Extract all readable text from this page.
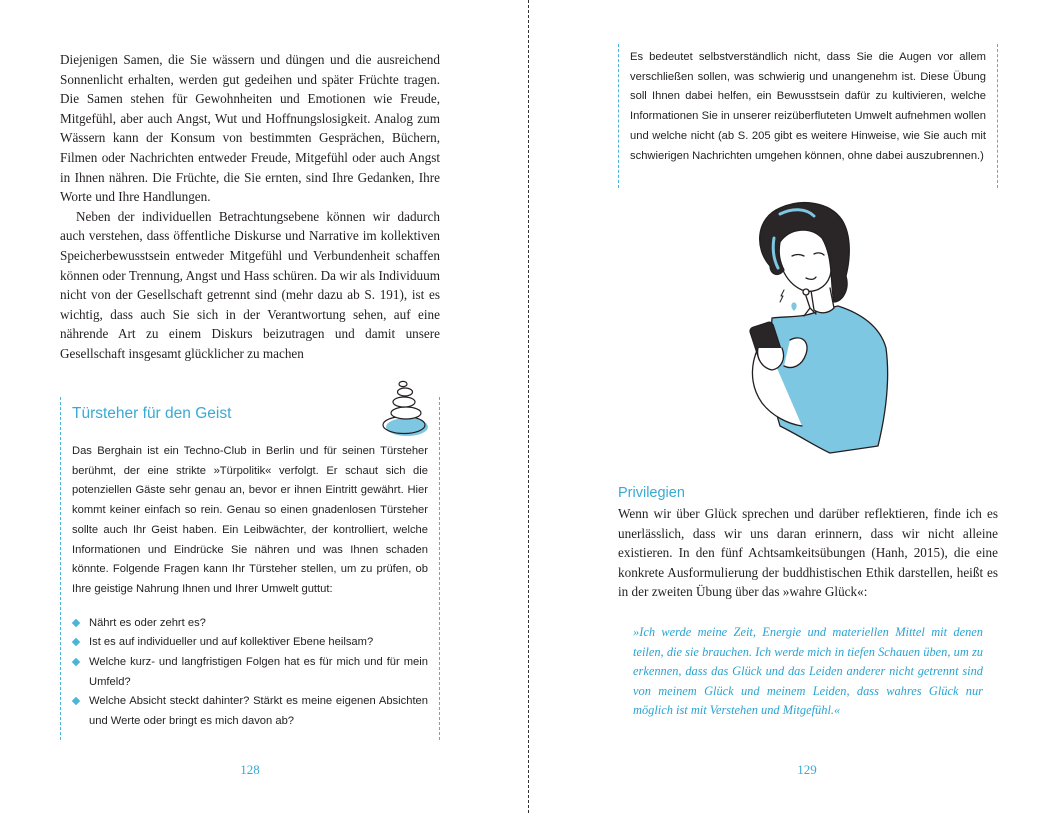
Diejenigen Samen, die Sie wässern und düngen und die ausreichend Sonnenlicht erhalten, werden gut gedeihen und später Früchte tragen. Die Samen stehen für Gewohnheiten und Emotionen wie Freude, Mitgefühl, aber auch Angst, Wut und Hoffnungslosigkeit. Analog zum Wässern kann der Konsum von bestimmten Gesprächen, Büchern, Filmen oder Nachrichten entweder Freude, Mitgefühl oder auch Angst in Ihnen nähren. Die Früchte, die Sie ernten, sind Ihre Gedanken, Ihre Worte und Ihre Handlungen.

Neben der individuellen Betrachtungsebene können wir dadurch auch verstehen, dass öffentliche Diskurse und Narrative im kollektiven Speicherbewusstsein entweder Mitgefühl und Verbundenheit schaffen können oder Trennung, Angst und Hass schüren. Da wir als Individuum nicht von der Gesellschaft getrennt sind (mehr dazu ab S. 191), ist es wichtig, dass auch Sie sich in der Verantwortung sehen, auf eine nährende Art zu einem Diskurs beizutragen und damit unsere Gesellschaft insgesamt glücklicher zu machen

Türsteher für den Geist

Das Berghain ist ein Techno-Club in Berlin und für seinen Türsteher berühmt, der eine strikte »Türpolitik« verfolgt. Er schaut sich die potenziellen Gäste sehr genau an, bevor er ihnen Eintritt gewährt. Hier kommt keiner einfach so rein. Genau so einen gnadenlosen Türsteher sollte auch Ihr Geist haben. Ein Leibwächter, der kontrolliert, welche Informationen und Eindrücke Sie nähren und was Ihnen schaden könnte. Folgende Fragen kann Ihr Türsteher stellen, um zu prüfen, ob Ihre geistige Nahrung Ihnen und Ihrer Umwelt guttut:

Nährt es oder zehrt es?
Ist es auf individueller und auf kollektiver Ebene heilsam?
Welche kurz- und langfristigen Folgen hat es für mich und für mein Umfeld?
Welche Absicht steckt dahinter? Stärkt es meine eigenen Absichten und Werte oder bringt es mich davon ab?
128

Es bedeutet selbstverständlich nicht, dass Sie die Augen vor allem verschließen sollen, was schwierig und unangenehm ist. Diese Übung soll Ihnen dabei helfen, ein Bewusstsein dafür zu kultivieren, welche Informationen Sie in unserer reizüberfluteten Umwelt aufnehmen wollen und welche nicht (ab S. 205 gibt es weitere Hinweise, wie Sie auch mit schwierigen Nachrichten umgehen können, ohne dabei auszubrennen.)

Privilegien

Wenn wir über Glück sprechen und darüber reflektieren, finde ich es unerlässlich, dass wir uns daran erinnern, dass wir nicht alleine existieren. In den fünf Achtsamkeitsübungen (Hanh, 2015), die eine konkrete Ausformulierung der buddhistischen Ethik darstellen, heißt es in der zweiten Übung über das »wahre Glück«:

»Ich werde meine Zeit, Energie und materiellen Mittel mit denen teilen, die sie brauchen. Ich werde mich in tiefen Schauen üben, um zu erkennen, dass das Glück und das Leiden anderer nicht getrennt sind von meinem Glück und meinem Leiden, dass wahres Glück nur möglich ist mit Verstehen und Mitgefühl.«
129
